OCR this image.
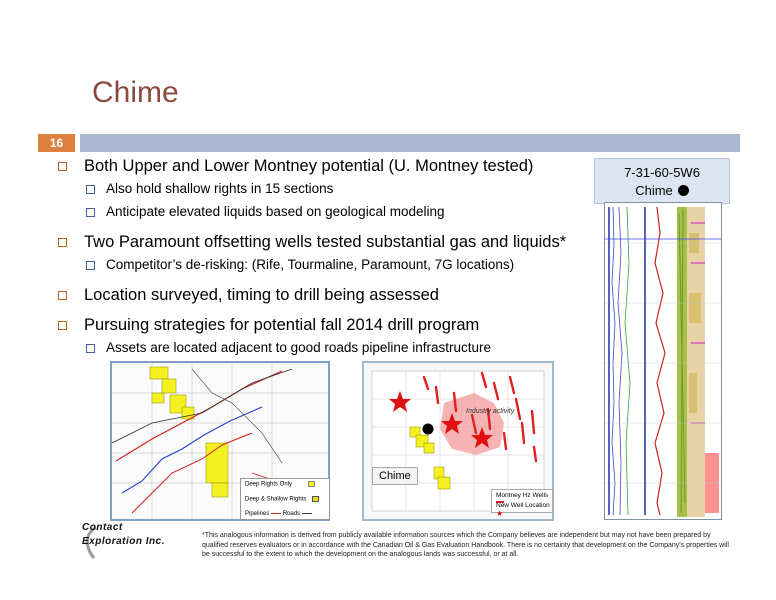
Chime
16
Both Upper and Lower Montney potential (U. Montney tested)
Also hold shallow rights in 15 sections
Anticipate elevated liquids based on geological modeling
Two Paramount offsetting wells tested substantial gas and liquids*
Competitor’s de-risking: (Rife, Tourmaline, Paramount, 7G locations)
Location surveyed, timing to drill being assessed
Pursuing strategies for potential fall 2014 drill program
Assets are located adjacent to good roads pipeline infrastructure
7-31-60-5W6
Chime
Deep Rights Only
Deep & Shallow Rights
Pipelines Roads
Industry activity
Chime
Montney Hz Wells
New Well Location ★
Contact
Exploration Inc.
*This analogous information is derived from publicly available information sources which the Company believes are independent but may not have been prepared by qualified reserves evaluators or in accordance with the Canadian Oil & Gas Evaluation Handbook. There is no certainty that development on the Company's properties will be successful to the extent to which the development on the analogous lands was successful, or at all.
